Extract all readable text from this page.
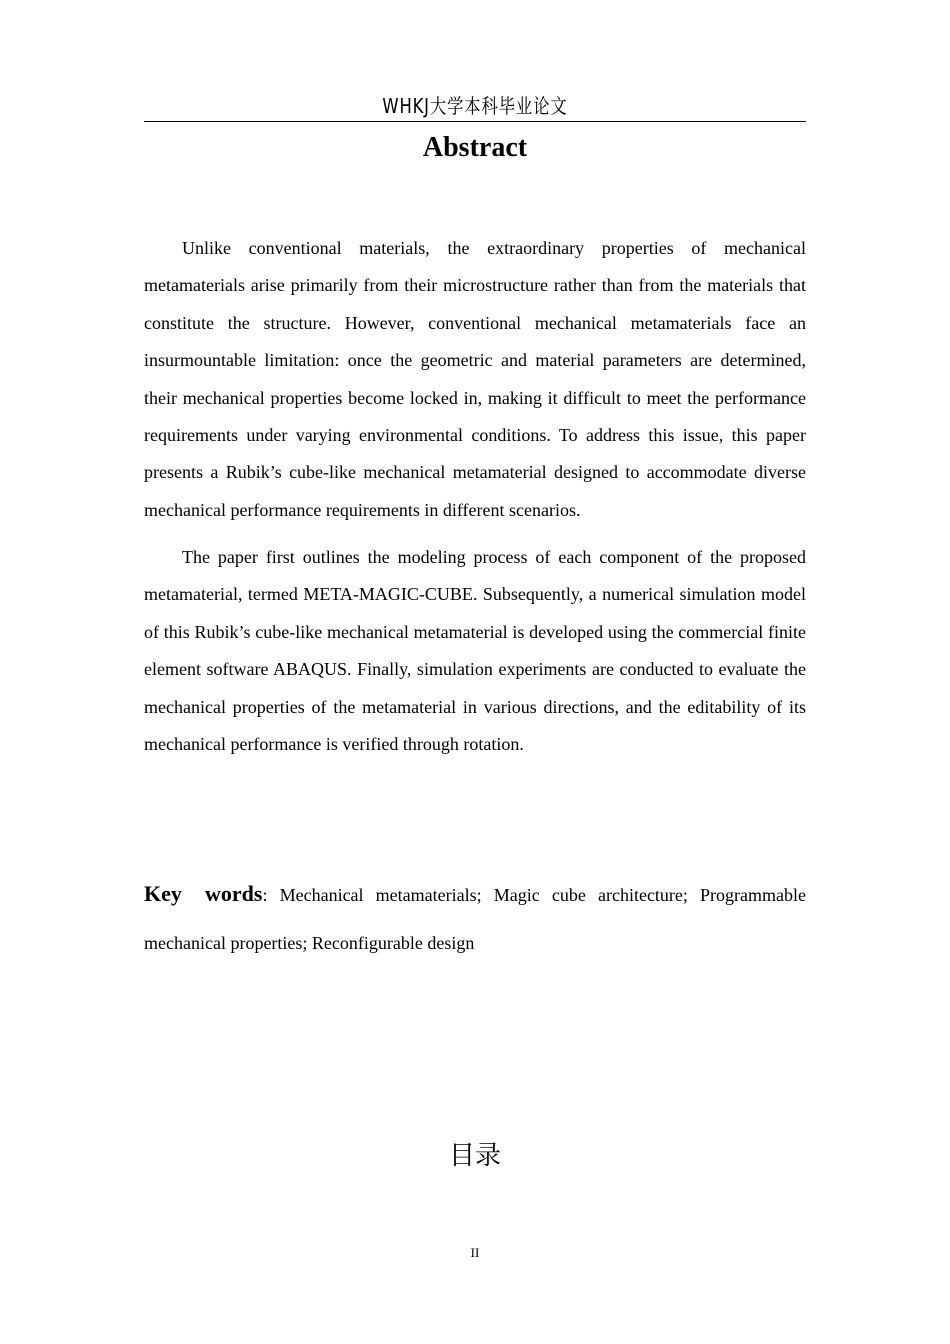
WHKJ大学本科毕业论文
Abstract

Unlike conventional materials, the extraordinary properties of mechanical metamaterials arise primarily from their microstructure rather than from the materials that constitute the structure. However, conventional mechanical metamaterials face an insurmountable limitation: once the geometric and material parameters are determined, their mechanical properties become locked in, making it difficult to meet the performance requirements under varying environmental conditions. To address this issue, this paper presents a Rubik’s cube-like mechanical metamaterial designed to accommodate diverse mechanical performance requirements in different scenarios.

The paper first outlines the modeling process of each component of the proposed metamaterial, termed META-MAGIC-CUBE. Subsequently, a numerical simulation model of this Rubik’s cube-like mechanical metamaterial is developed using the commercial finite element software ABAQUS. Finally, simulation experiments are conducted to evaluate the mechanical properties of the metamaterial in various directions, and the editability of its mechanical performance is verified through rotation.

Key words: Mechanical metamaterials; Magic cube architecture; Programmable mechanical properties; Reconfigurable design

目录
II
